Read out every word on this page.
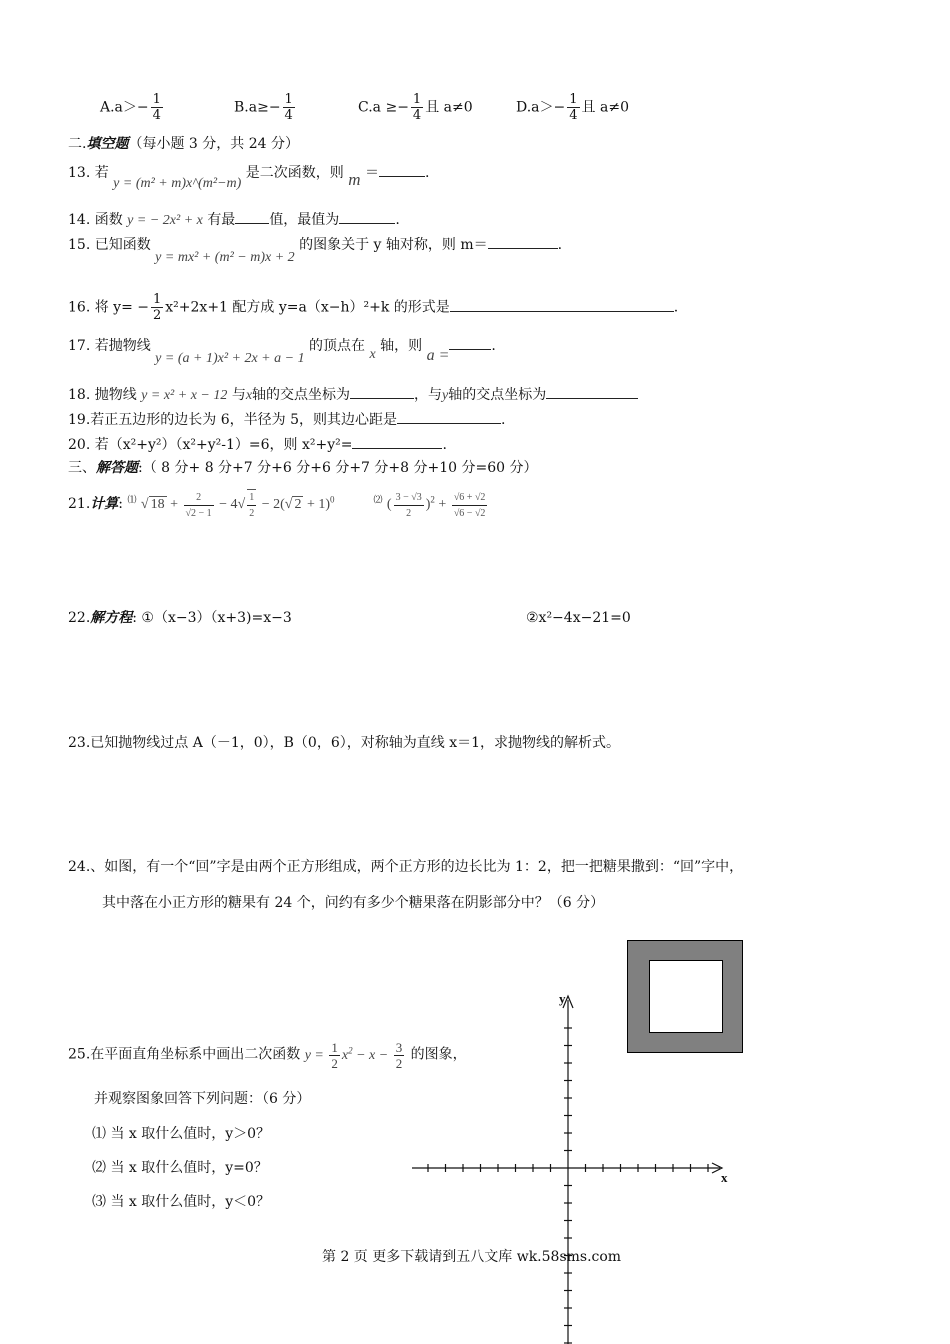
$A.a>- \frac{1}{4}$	$B.a\ge- \frac{1}{4}$	$C.a \ge- \frac{1}{4}$ 且 a≠0	$D.a>- \frac{1}{4}$ 且 a≠0
二.填空题（每小题 3 分，共 24 分）
13. 若 y = (m² + m)x^(m²−m) 是二次函数，则 m ＝	.
14. 函数 y = − 2x² + x 有最 值，最值为	.
15. 已知函数 y = mx² + (m² − m)x + 2 的图象关于 y 轴对称，则 m＝	.
16. 将 $y= - \frac{1}{2} x^2+2x+1$ 配方成 y=a（x−h）²+k 的形式是	.
17. 若抛物线 y = (a + 1)x² + 2x + a − 1 的顶点在 x 轴，则 a =.
18. 抛物线 y = x² + x − 12 与x轴的交点坐标为	，与y轴的交点坐标为
19.若正五边形的边长为 6，半径为 5，则其边心距是	.
20. 若（x²+y²）（x²+y²-1）=6，则 x²+y²=	.
三、解答题:（ 8 分+ 8 分+7 分+6 分+6 分+7 分+8 分+10 分=60 分）
21.计算: ⑴ √ $18 + \frac{2}{√2 - 1} - 4√ \frac{1}{2} - 2(√$ 2 + 1)$^0$	⑵ ( $\frac{3 - √3}{2} )^2 + \frac{√6 + √2}{√6 - √2}$
22.解方程: ①（x−3）（x+3)=x−3	②x²−4x−21=0
23.已知抛物线过点 A（－1，0），B（0，6），对称轴为直线 x＝1，求抛物线的解析式。
24.、如图，有一个“回”字是由两个正方形组成，两个正方形的边长比为 1：2，把一把糖果撒到：“回”字中，
其中落在小正方形的糖果有 24 个，问约有多少个糖果落在阴影部分中？（6 分）
25.在平面直角坐标系中画出二次函数 $y = \frac{1}{2} x^2 - x - \frac{3}{2}$ 的图象，
并观察图象回答下列问题：（6 分）
⑴ 当 x 取什么值时，y＞0？
⑵ 当 x 取什么值时，y=0？
⑶ 当 x 取什么值时，y＜0？
y
x
第 2 页 更多下载请到五八文库 wk.58sms.com
